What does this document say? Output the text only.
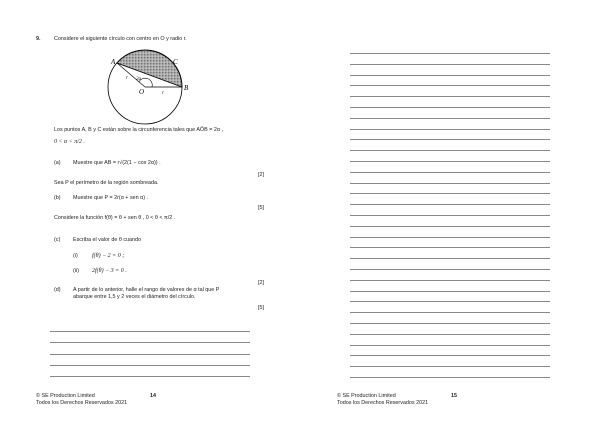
9.	Considere el siguiente círculo con centro en O y radio r.
A
B
C
O
r
r
2α
Los puntos A, B y C están sobre la circunferencia tales que AÔB = 2α ,
0 < α < π/2 .
(a) Muestre que AB = r√(2(1 − cos 2α)) .
[2]
Sea P el perímetro de la región sombreada.
(b) Muestre que P = 2r(α + sen α) .
[5]
Considere la función f(θ) = θ + sen θ , 0 < θ < π/2 .
(c) Escriba el valor de θ cuando
(i) f(θ) − 2 = 0 ;
(ii) 2f(θ) − 3 = 0 .
[2]
(d) A partir de lo anterior, halle el rango de valores de α tal que P
abarque entre 1,5 y 2 veces el diámetro del círculo.
[5]
© SE Production Limited
Todos los Derechos Reservados 2021
14	© SE Production Limited
Todos los Derechos Reservados 2021
15
